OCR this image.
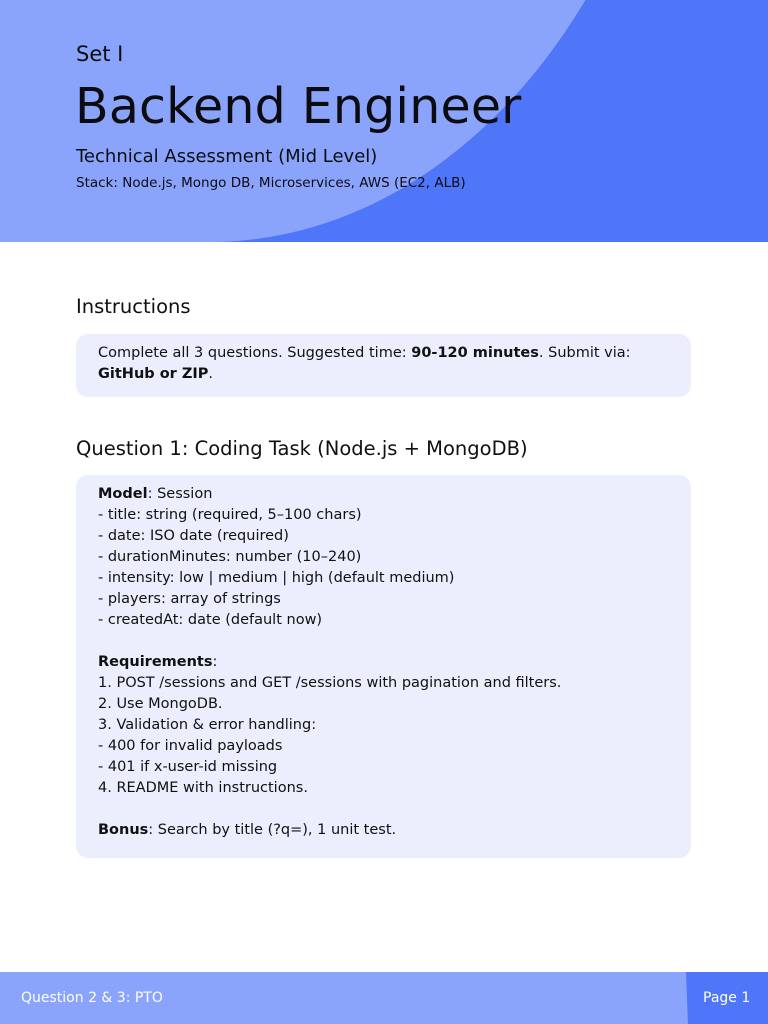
Set I
Backend Engineer
Technical Assessment (Mid Level)
Stack: Node.js, Mongo DB, Microservices, AWS (EC2, ALB)
Instructions
Complete all 3 questions. Suggested time: 90-120 minutes. Submit via:
GitHub or ZIP.
Question 1: Coding Task (Node.js + MongoDB)
Model: Session
- title: string (required, 5–100 chars)
- date: ISO date (required)
- durationMinutes: number (10–240)
- intensity: low | medium | high (default medium)
- players: array of strings
- createdAt: date (default now)
Requirements:
1. POST /sessions and GET /sessions with pagination and filters.
2. Use MongoDB.
3. Validation & error handling:
- 400 for invalid payloads
- 401 if x-user-id missing
4. README with instructions.
Bonus: Search by title (?q=), 1 unit test.
Question 2 & 3: PTO	Page 1
